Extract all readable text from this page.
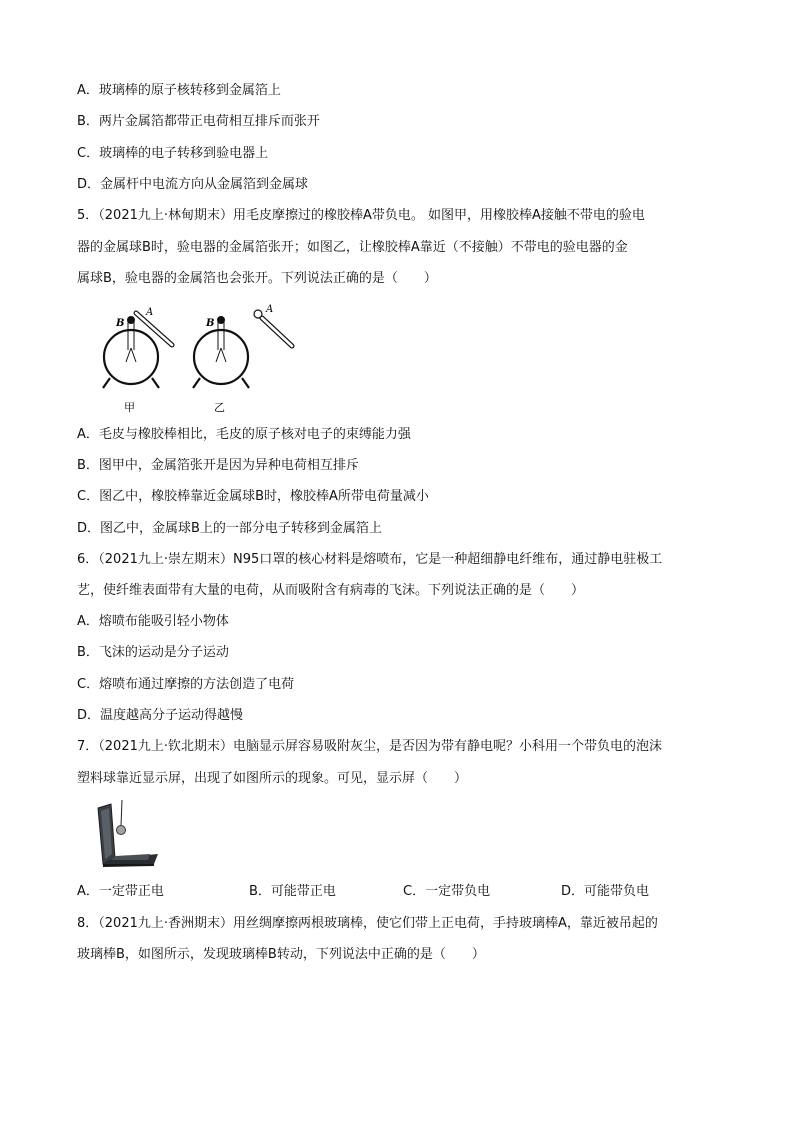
A．玻璃棒的原子核转移到金属箔上
B．两片金属箔都带正电荷相互排斥而张开
C．玻璃棒的电子转移到验电器上
D．金属杆中电流方向从金属箔到金属球
5．（2021九上·林甸期末）用毛皮摩擦过的橡胶棒A带负电。 如图甲，用橡胶棒A接触不带电的验电
器的金属球B时，验电器的金属箔张开；如图乙，让橡胶棒A靠近（不接触）不带电的验电器的金
属球B，验电器的金属箔也会张开。下列说法正确的是（　　）
B
A
B
A
甲	乙
A．毛皮与橡胶棒相比，毛皮的原子核对电子的束缚能力强
B．图甲中，金属箔张开是因为异种电荷相互排斥
C．图乙中，橡胶棒靠近金属球B时，橡胶棒A所带电荷量减小
D．图乙中，金属球B上的一部分电子转移到金属箔上
6．（2021九上·崇左期末）N95口罩的核心材料是熔喷布，它是一种超细静电纤维布，通过静电驻极工
艺，使纤维表面带有大量的电荷，从而吸附含有病毒的飞沫。下列说法正确的是（　　）
A．熔喷布能吸引轻小物体
B．飞沫的运动是分子运动
C．熔喷布通过摩擦的方法创造了电荷
D．温度越高分子运动得越慢
7．（2021九上·钦北期末）电脑显示屏容易吸附灰尘，是否因为带有静电呢？小科用一个带负电的泡沫
塑料球靠近显示屏，出现了如图所示的现象。可见，显示屏（　　）
A．一定带正电	B．可能带正电	C．一定带负电	D．可能带负电
8．（2021九上·香洲期末）用丝绸摩擦两根玻璃棒，使它们带上正电荷，手持玻璃棒A，靠近被吊起的
玻璃棒B，如图所示，发现玻璃棒B转动，下列说法中正确的是（　　）
